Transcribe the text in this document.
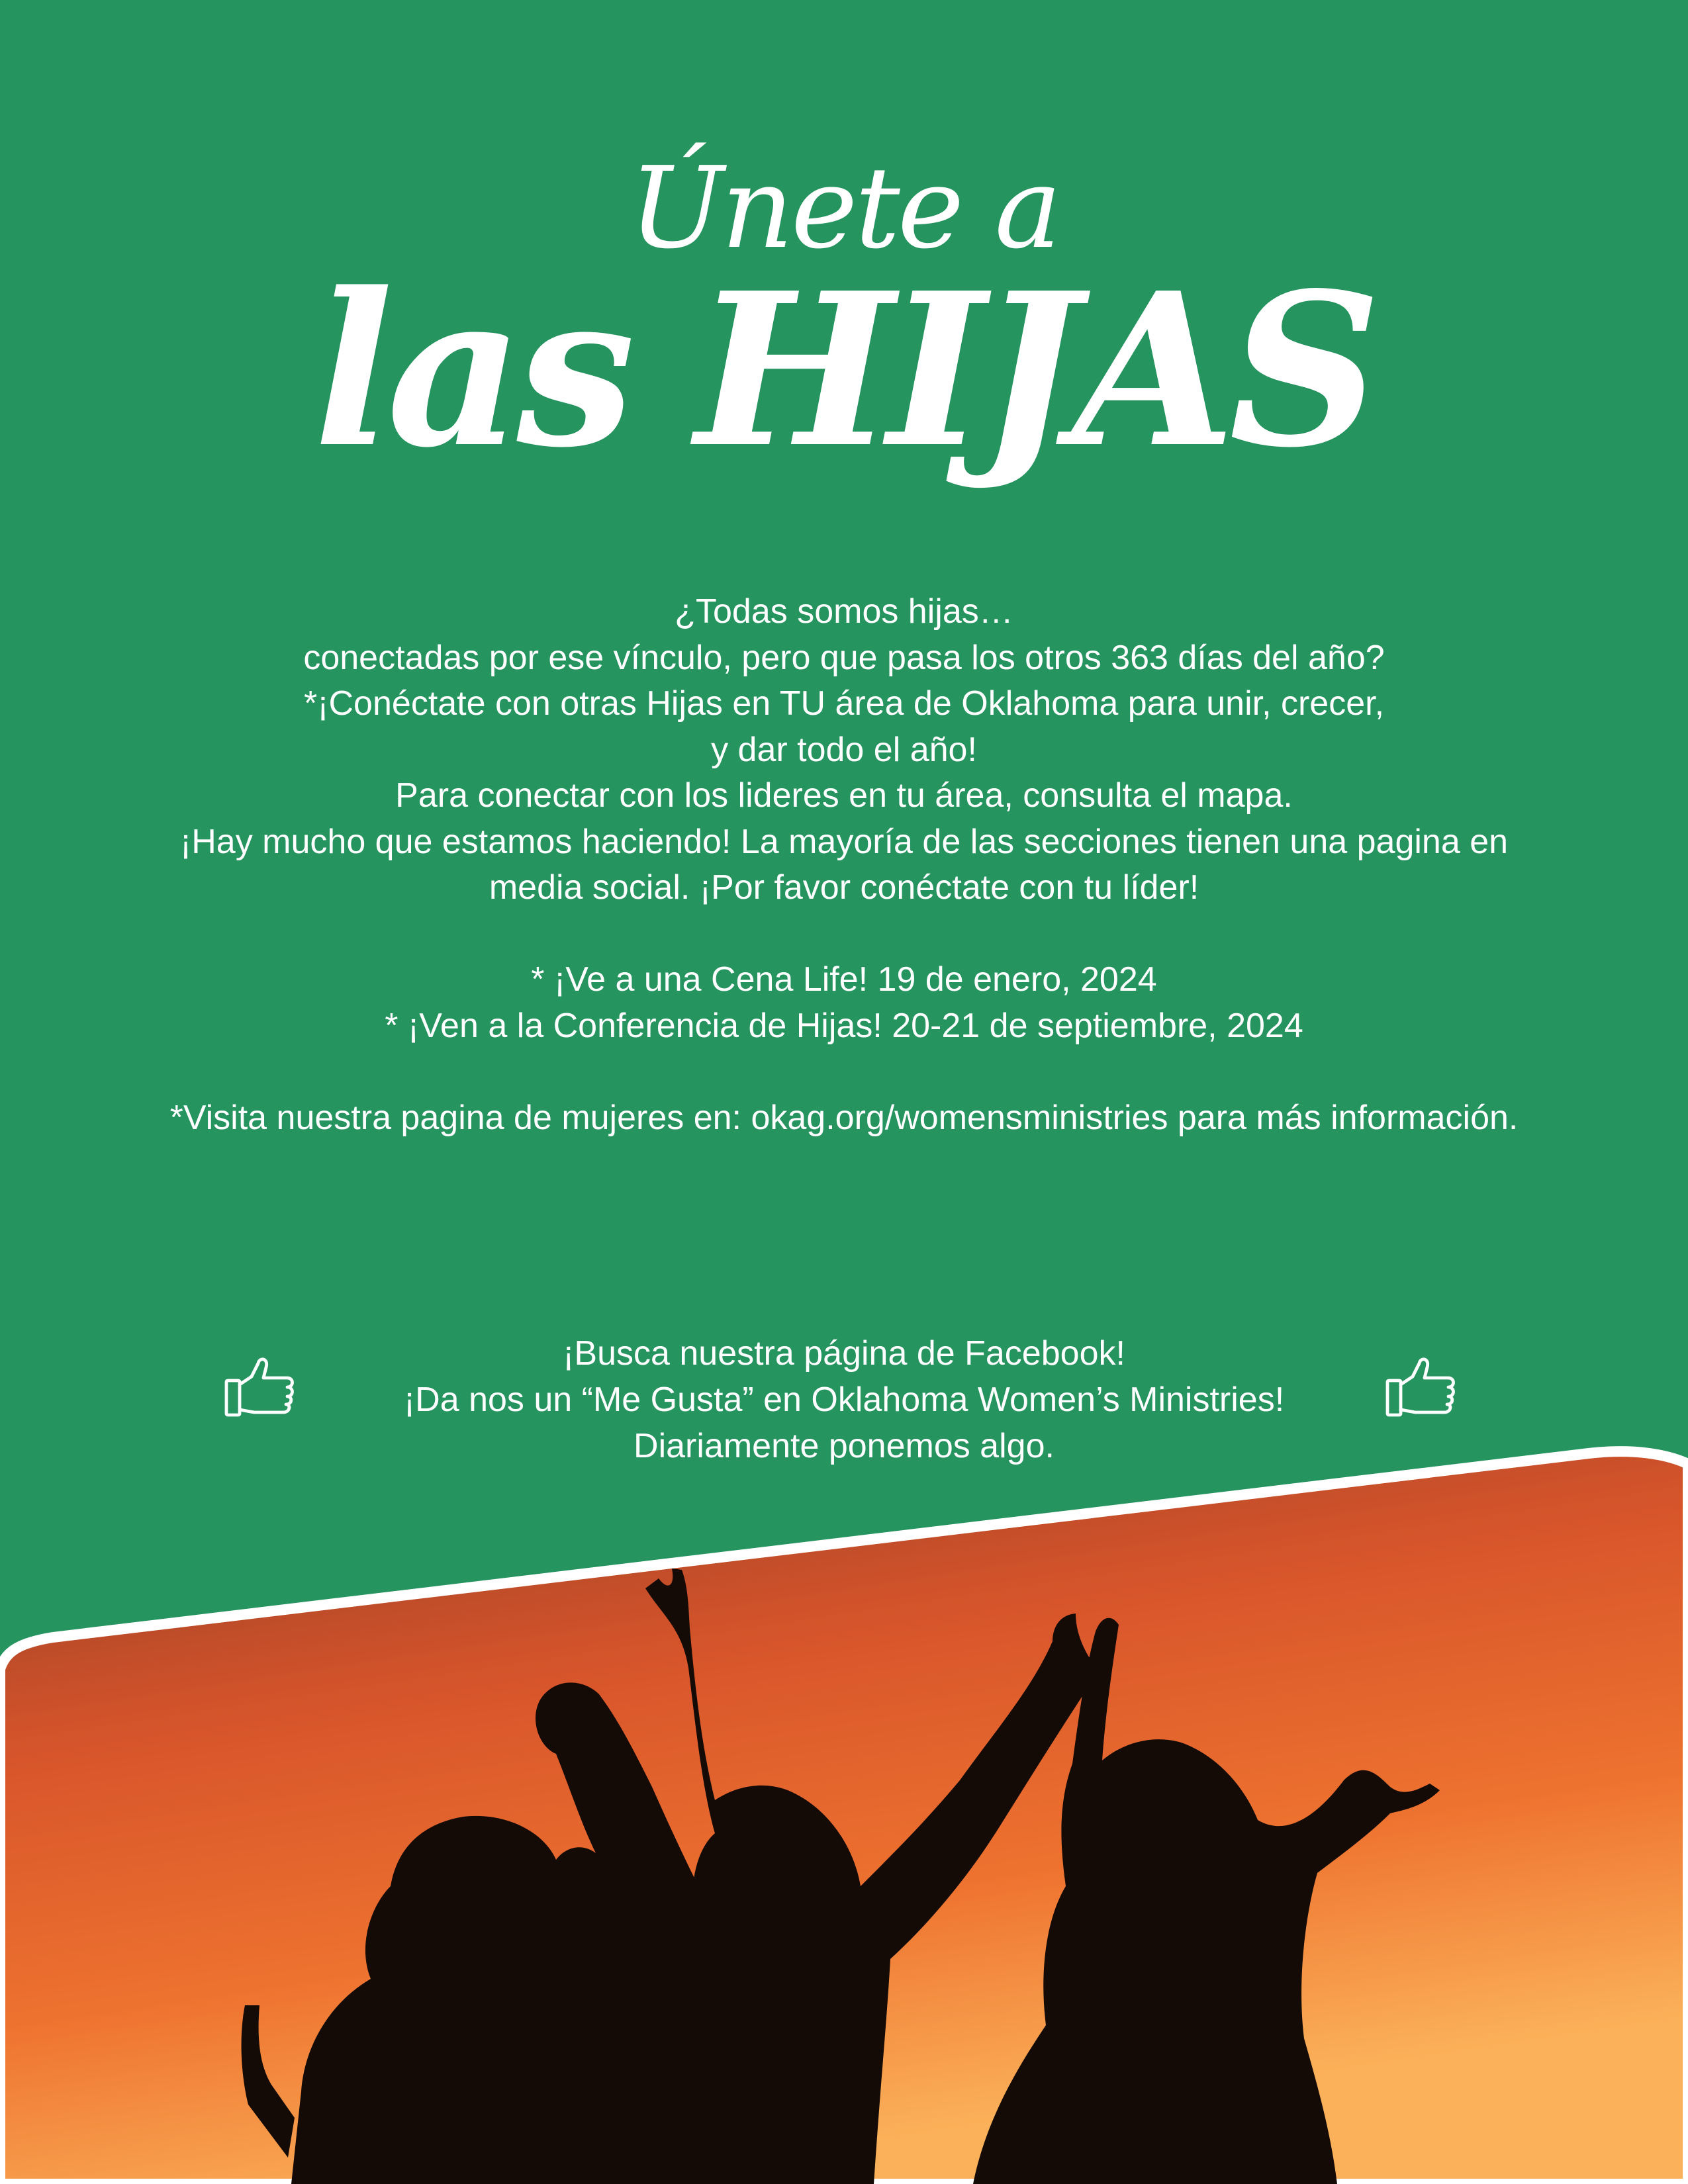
Únete a
las HIJAS
¿Todas somos hijas…
conectadas por ese vínculo, pero que pasa los otros 363 días del año?
*¡Conéctate con otras Hijas en TU área de Oklahoma para unir, crecer,
y dar todo el año!
Para conectar con los lideres en tu área, consulta el mapa.
¡Hay mucho que estamos haciendo! La mayoría de las secciones tienen una pagina en
media social. ¡Por favor conéctate con tu líder!
* ¡Ve a una Cena Life! 19 de enero, 2024
* ¡Ven a la Conferencia de Hijas! 20-21 de septiembre, 2024
*Visita nuestra pagina de mujeres en: okag.org/womensministries para más información.
¡Busca nuestra página de Facebook!
¡Da nos un “Me Gusta” en Oklahoma Women’s Ministries!
Diariamente ponemos algo.
